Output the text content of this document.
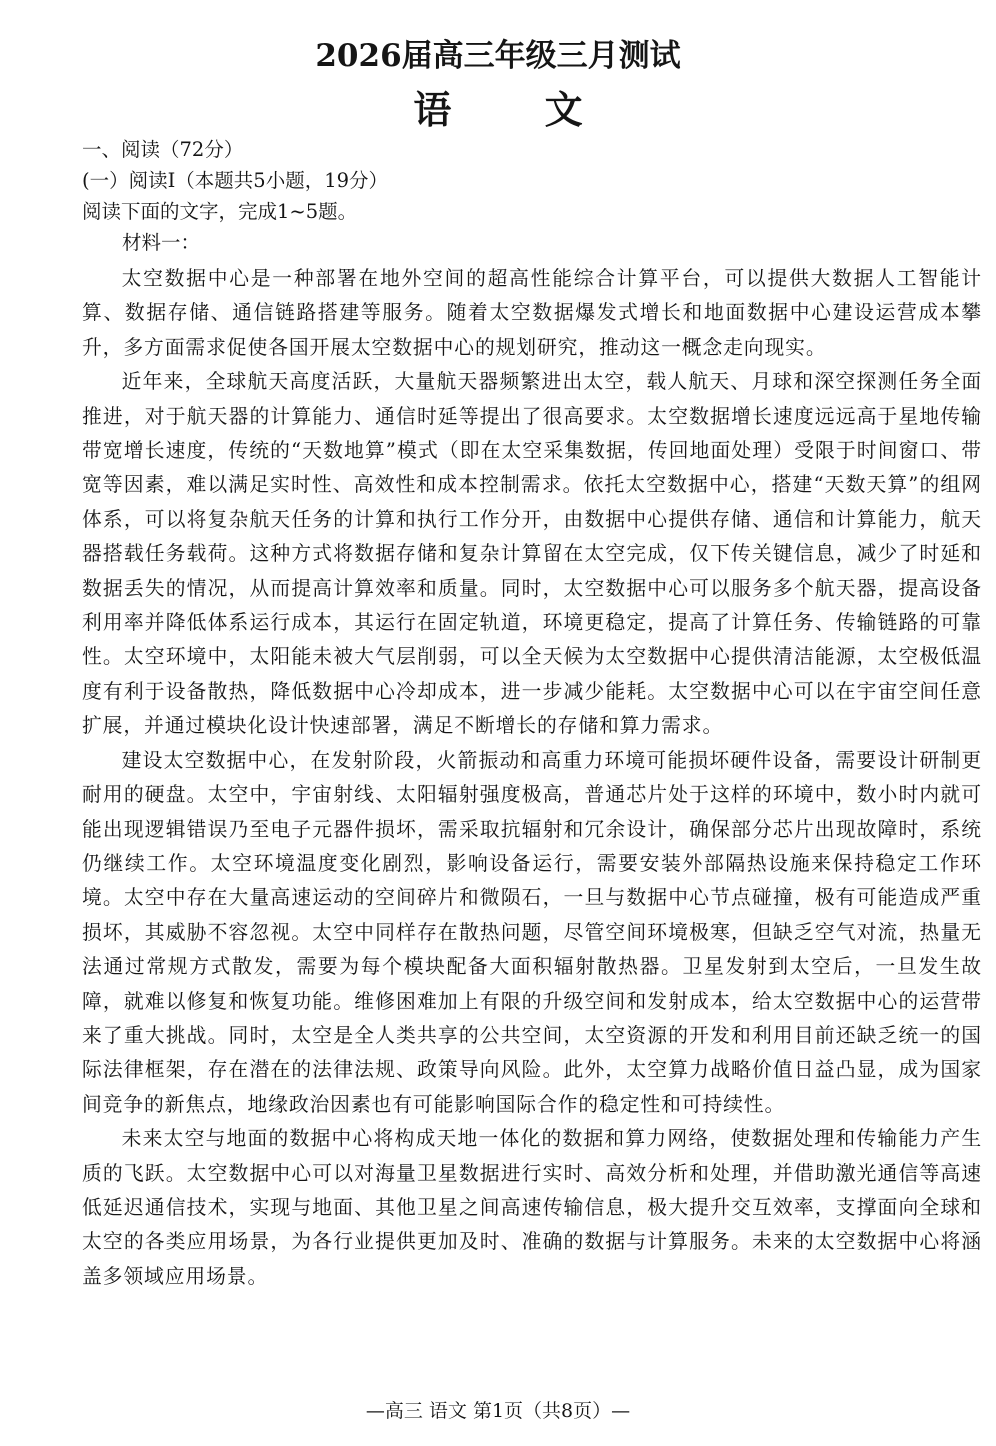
2026届高三年级三月测试
语 文
一、阅读（72分）
(一）阅读I（本题共5小题，19分）
阅读下面的文字，完成1~5题。
材料一：

太空数据中心是一种部署在地外空间的超高性能综合计算平台，可以提供大数据人工智能计算、数据存储、通信链路搭建等服务。随着太空数据爆发式增长和地面数据中心建设运营成本攀升，多方面需求促使各国开展太空数据中心的规划研究，推动这一概念走向现实。

近年来，全球航天高度活跃，大量航天器频繁进出太空，载人航天、月球和深空探测任务全面推进，对于航天器的计算能力、通信时延等提出了很高要求。太空数据增长速度远远高于星地传输带宽增长速度，传统的“天数地算”模式（即在太空采集数据，传回地面处理）受限于时间窗口、带宽等因素，难以满足实时性、高效性和成本控制需求。依托太空数据中心，搭建“天数天算”的组网体系，可以将复杂航天任务的计算和执行工作分开，由数据中心提供存储、通信和计算能力，航天器搭载任务载荷。这种方式将数据存储和复杂计算留在太空完成，仅下传关键信息，减少了时延和数据丢失的情况，从而提高计算效率和质量。同时，太空数据中心可以服务多个航天器，提高设备利用率并降低体系运行成本，其运行在固定轨道，环境更稳定，提高了计算任务、传输链路的可靠性。太空环境中，太阳能未被大气层削弱，可以全天候为太空数据中心提供清洁能源，太空极低温度有利于设备散热，降低数据中心冷却成本，进一步减少能耗。太空数据中心可以在宇宙空间任意扩展，并通过模块化设计快速部署，满足不断增长的存储和算力需求。

建设太空数据中心，在发射阶段，火箭振动和高重力环境可能损坏硬件设备，需要设计研制更耐用的硬盘。太空中，宇宙射线、太阳辐射强度极高，普通芯片处于这样的环境中，数小时内就可能出现逻辑错误乃至电子元器件损坏，需采取抗辐射和冗余设计，确保部分芯片出现故障时，系统仍继续工作。太空环境温度变化剧烈，影响设备运行，需要安装外部隔热设施来保持稳定工作环境。太空中存在大量高速运动的空间碎片和微陨石，一旦与数据中心节点碰撞，极有可能造成严重损坏，其威胁不容忽视。太空中同样存在散热问题，尽管空间环境极寒，但缺乏空气对流，热量无法通过常规方式散发，需要为每个模块配备大面积辐射散热器。卫星发射到太空后，一旦发生故障，就难以修复和恢复功能。维修困难加上有限的升级空间和发射成本，给太空数据中心的运营带来了重大挑战。同时，太空是全人类共享的公共空间，太空资源的开发和利用目前还缺乏统一的国际法律框架，存在潜在的法律法规、政策导向风险。此外，太空算力战略价值日益凸显，成为国家间竞争的新焦点，地缘政治因素也有可能影响国际合作的稳定性和可持续性。

未来太空与地面的数据中心将构成天地一体化的数据和算力网络，使数据处理和传输能力产生质的飞跃。太空数据中心可以对海量卫星数据进行实时、高效分析和处理，并借助激光通信等高速低延迟通信技术，实现与地面、其他卫星之间高速传输信息，极大提升交互效率，支撑面向全球和太空的各类应用场景，为各行业提供更加及时、准确的数据与计算服务。未来的太空数据中心将涵盖多领域应用场景。

—高三 语文 第1页（共8页）—
